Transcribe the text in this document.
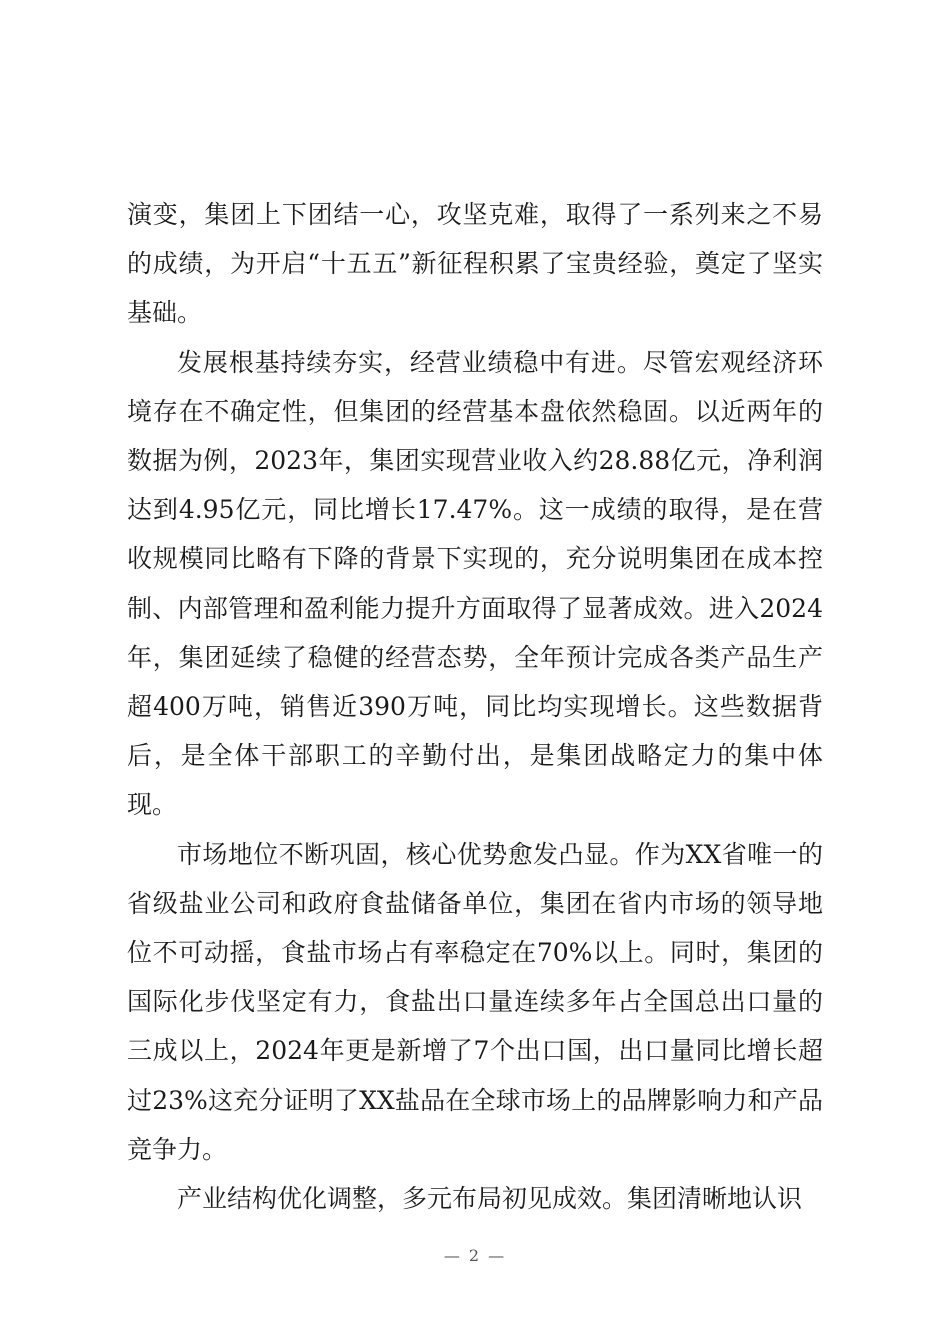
演变，集团上下团结一心，攻坚克难，取得了一系列来之不易的成绩，为开启“十五五”新征程积累了宝贵经验，奠定了坚实基础。

发展根基持续夯实，经营业绩稳中有进。尽管宏观经济环境存在不确定性，但集团的经营基本盘依然稳固。以近两年的数据为例，2023年，集团实现营业收入约28.88亿元，净利润达到4.95亿元，同比增长17.47%。这一成绩的取得，是在营收规模同比略有下降的背景下实现的，充分说明集团在成本控制、内部管理和盈利能力提升方面取得了显著成效。进入2024年，集团延续了稳健的经营态势，全年预计完成各类产品生产超400万吨，销售近390万吨，同比均实现增长。这些数据背后，是全体干部职工的辛勤付出，是集团战略定力的集中体现。

市场地位不断巩固，核心优势愈发凸显。作为XX省唯一的省级盐业公司和政府食盐储备单位，集团在省内市场的领导地位不可动摇，食盐市场占有率稳定在70%以上。同时，集团的国际化步伐坚定有力，食盐出口量连续多年占全国总出口量的三成以上，2024年更是新增了7个出口国，出口量同比增长超过23%这充分证明了XX盐品在全球市场上的品牌影响力和产品竞争力。

产业结构优化调整，多元布局初见成效。集团清晰地认识

— 2 —
